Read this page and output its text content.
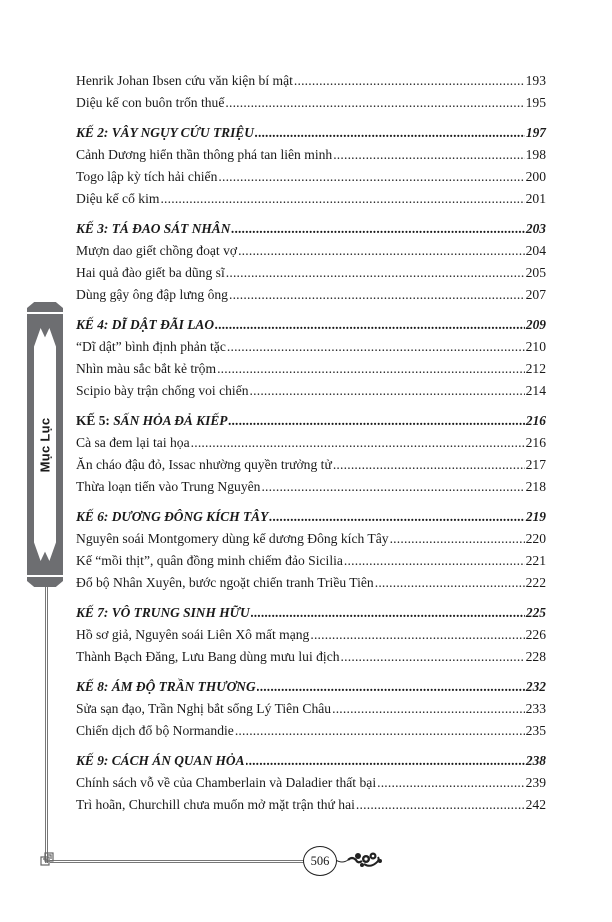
Henrik Johan Ibsen cứu văn kiện bí mật .....	193
Diệu kế con buôn trốn thuế .....	195
KẾ 2: VÂY NGỤY CỨU TRIỆU .....	197
Cảnh Dương hiển thần thông phá tan liên minh .....	198
Togo lập kỳ tích hải chiến .....	200
Diệu kế cổ kim .....	201
KẾ 3: TÁ ĐAO SÁT NHÂN .....	203
Mượn dao giết chồng đoạt vợ .....	204
Hai quả đào giết ba dũng sĩ .....	205
Dùng gậy ông đập lưng ông .....	207
KẾ 4: DĨ DẬT ĐÃI LAO .....	209
“Dĩ dật” bình định phản tặc .....	210
Nhìn màu sắc bắt kẻ trộm .....	212
Scipio bày trận chống voi chiến .....	214
KẾ 5: SẤN HỎA ĐẢ KIẾP .....	216
Cà sa đem lại tai họa .....	216
Ăn cháo đậu đỏ, Issac nhường quyền trưởng tử .....	217
Thừa loạn tiến vào Trung Nguyên .....	218
KẾ 6: DƯƠNG ĐÔNG KÍCH TÂY .....	219
Nguyên soái Montgomery dùng kế dương Đông kích Tây .....	220
Kế “mồi thịt”, quân đồng minh chiếm đảo Sicilia .....	221
Đổ bộ Nhân Xuyên, bước ngoặt chiến tranh Triều Tiên .....	222
KẾ 7: VÔ TRUNG SINH HỮU .....	225
Hồ sơ giả, Nguyên soái Liên Xô mất mạng .....	226
Thành Bạch Đăng, Lưu Bang dùng mưu lui địch .....	228
KẾ 8: ÁM ĐỘ TRẦN THƯƠNG .....	232
Sửa sạn đạo, Trần Nghị bắt sống Lý Tiên Châu .....	233
Chiến dịch đổ bộ Normandie .....	235
KẾ 9: CÁCH ÁN QUAN HỎA .....	238
Chính sách vỗ về của Chamberlain và Daladier thất bại .....	239
Trì hoãn, Churchill chưa muốn mở mặt trận thứ hai .....	242
Mục Lục
506
